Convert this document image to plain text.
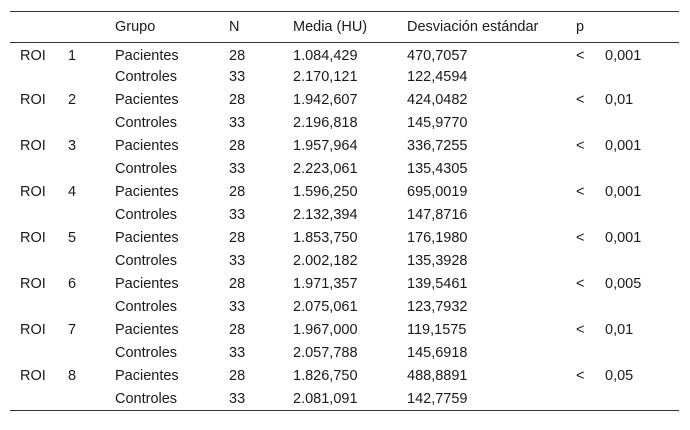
		Grupo	N	Media (HU)	Desviación estándar	p	
ROI	1	Pacientes	28	1.084,429	470,7057	<	0,001
		Controles	33	2.170,121	122,4594		
ROI	2	Pacientes	28	1.942,607	424,0482	<	0,01
		Controles	33	2.196,818	145,9770		
ROI	3	Pacientes	28	1.957,964	336,7255	<	0,001
		Controles	33	2.223,061	135,4305		
ROI	4	Pacientes	28	1.596,250	695,0019	<	0,001
		Controles	33	2.132,394	147,8716		
ROI	5	Pacientes	28	1.853,750	176,1980	<	0,001
		Controles	33	2.002,182	135,3928		
ROI	6	Pacientes	28	1.971,357	139,5461	<	0,005
		Controles	33	2.075,061	123,7932		
ROI	7	Pacientes	28	1.967,000	119,1575	<	0,01
		Controles	33	2.057,788	145,6918		
ROI	8	Pacientes	28	1.826,750	488,8891	<	0,05
		Controles	33	2.081,091	142,7759		
